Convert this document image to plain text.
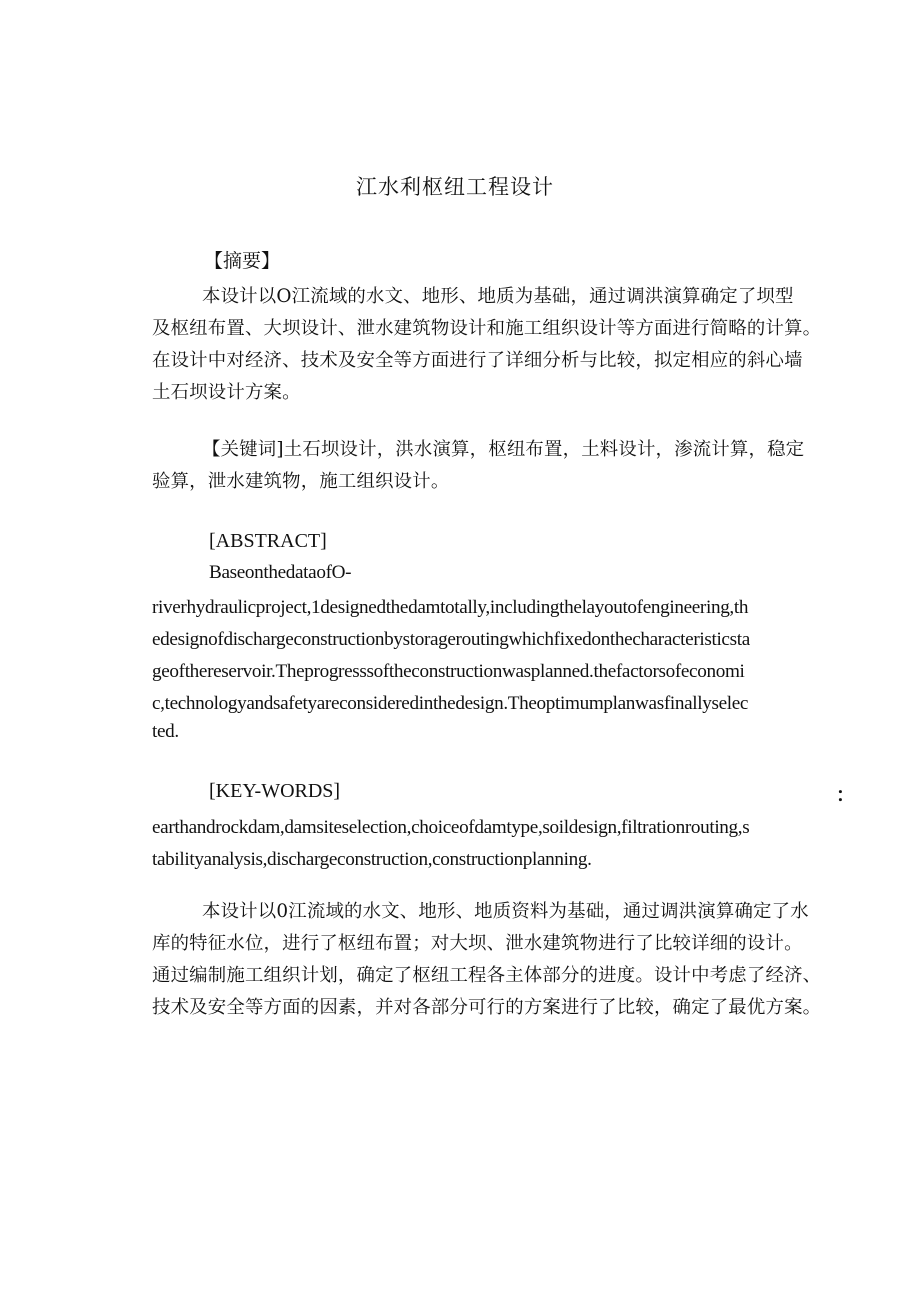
江水利枢纽工程设计
【摘要】
本设计以O江流域的水文、地形、地质为基础，通过调洪演算确定了坝型
及枢纽布置、大坝设计、泄水建筑物设计和施工组织设计等方面进行简略的计算。
在设计中对经济、技术及安全等方面进行了详细分析与比较，拟定相应的斜心墙
土石坝设计方案。
【关键词]土石坝设计，洪水演算，枢纽布置，土料设计，渗流计算，稳定
验算，泄水建筑物，施工组织设计。
[ABSTRACT]
BaseonthedataofO-
riverhydraulicproject,1designedthedamtotally,includingthelayoutofengineering,th
edesignofdischargeconstructionbystorageroutingwhichfixedonthecharacteristicsta
geofthereservoir.Theprogresssoftheconstructionwasplanned.thefactorsofeconomi
c,technologyandsafetyareconsideredinthedesign.Theoptimumplanwasfinallyselec
ted.
[KEY-WORDS]	：
earthandrockdam,damsiteselection,choiceofdamtype,soildesign,filtrationrouting,s
tabilityanalysis,dischargeconstruction,constructionplanning.
本设计以0江流域的水文、地形、地质资料为基础，通过调洪演算确定了水
库的特征水位，进行了枢纽布置；对大坝、泄水建筑物进行了比较详细的设计。
通过编制施工组织计划，确定了枢纽工程各主体部分的进度。设计中考虑了经济、
技术及安全等方面的因素，并对各部分可行的方案进行了比较，确定了最优方案。
